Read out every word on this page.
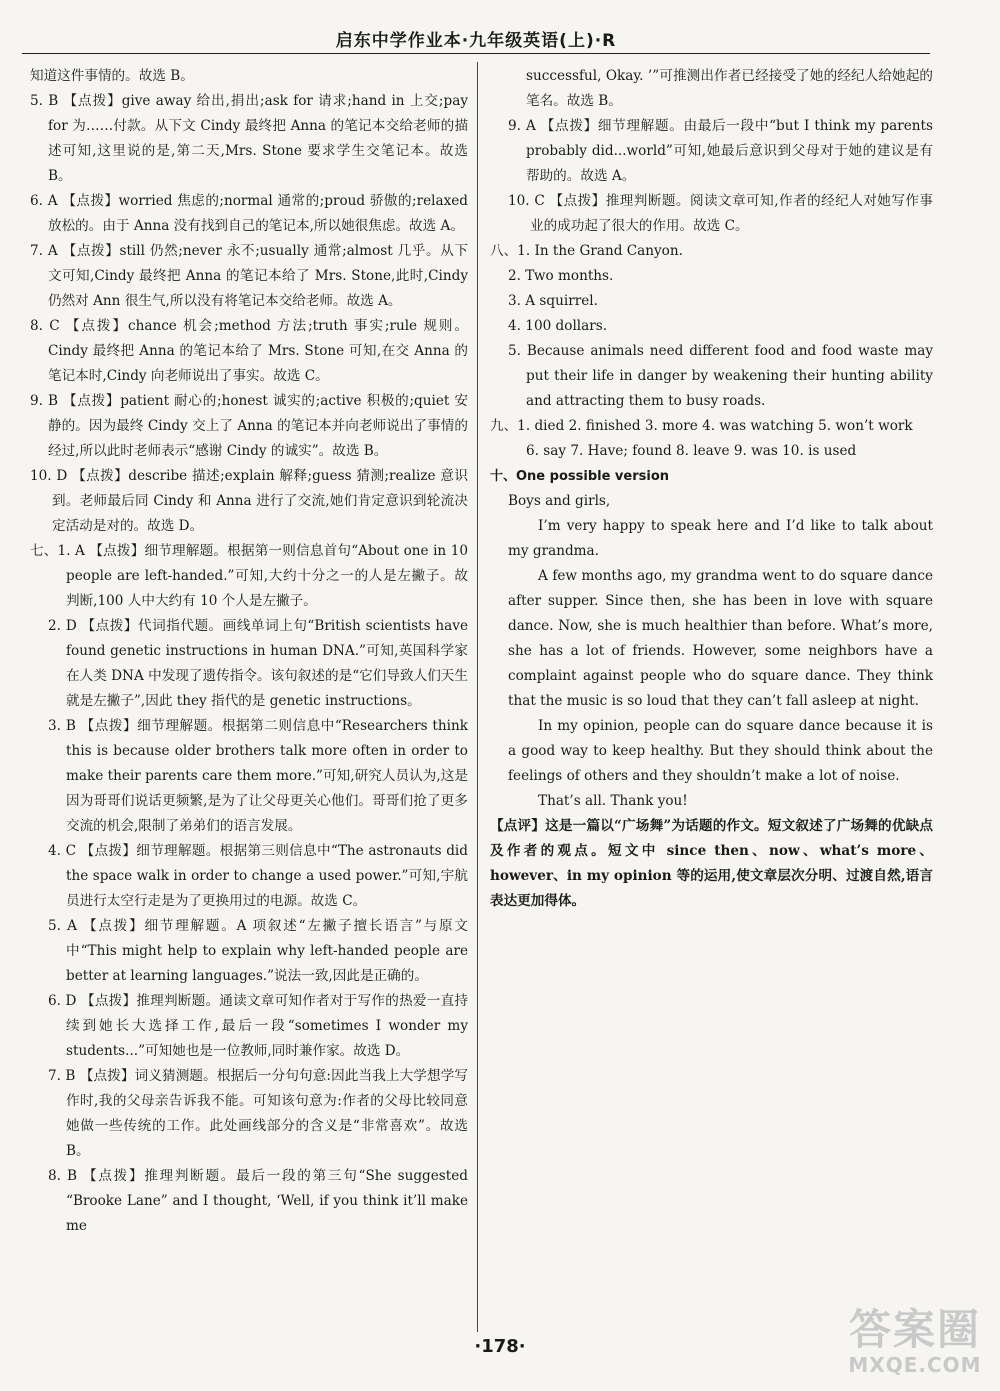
启东中学作业本·九年级英语(上)·R
知道这件事情的。故选 B。
5. B 【点拨】give away 给出,捐出;ask for 请求;hand in 上交;pay for 为……付款。从下文 Cindy 最终把 Anna 的笔记本交给老师的描述可知,这里说的是,第二天,Mrs. Stone 要求学生交笔记本。故选 B。
6. A 【点拨】worried 焦虑的;normal 通常的;proud 骄傲的;relaxed 放松的。由于 Anna 没有找到自己的笔记本,所以她很焦虑。故选 A。
7. A 【点拨】still 仍然;never 永不;usually 通常;almost 几乎。从下文可知,Cindy 最终把 Anna 的笔记本给了 Mrs. Stone,此时,Cindy 仍然对 Ann 很生气,所以没有将笔记本交给老师。故选 A。
8. C 【点拨】chance 机会;method 方法;truth 事实;rule 规则。Cindy 最终把 Anna 的笔记本给了 Mrs. Stone 可知,在交 Anna 的笔记本时,Cindy 向老师说出了事实。故选 C。
9. B 【点拨】patient 耐心的;honest 诚实的;active 积极的;quiet 安静的。因为最终 Cindy 交上了 Anna 的笔记本并向老师说出了事情的经过,所以此时老师表示“感谢 Cindy 的诚实”。故选 B。
10. D 【点拨】describe 描述;explain 解释;guess 猜测;realize 意识到。老师最后同 Cindy 和 Anna 进行了交流,她们肯定意识到轮流决定活动是对的。故选 D。
七、1. A 【点拨】细节理解题。根据第一则信息首句“About one in 10 people are left-handed.”可知,大约十分之一的人是左撇子。故判断,100 人中大约有 10 个人是左撇子。
2. D 【点拨】代词指代题。画线单词上句“British scientists have found genetic instructions in human DNA.”可知,英国科学家在人类 DNA 中发现了遗传指令。该句叙述的是“它们导致人们天生就是左撇子”,因此 they 指代的是 genetic instructions。
3. B 【点拨】细节理解题。根据第二则信息中“Researchers think this is because older brothers talk more often in order to make their parents care them more.”可知,研究人员认为,这是因为哥哥们说话更频繁,是为了让父母更关心他们。哥哥们抢了更多交流的机会,限制了弟弟们的语言发展。
4. C 【点拨】细节理解题。根据第三则信息中“The astronauts did the space walk in order to change a used power.”可知,宇航员进行太空行走是为了更换用过的电源。故选 C。
5. A 【点拨】细节理解题。A 项叙述“左撇子擅长语言”与原文中“This might help to explain why left-handed people are better at learning languages.”说法一致,因此是正确的。
6. D 【点拨】推理判断题。通读文章可知作者对于写作的热爱一直持续到她长大选择工作,最后一段“sometimes I wonder my students...”可知她也是一位教师,同时兼作家。故选 D。
7. B 【点拨】词义猜测题。根据后一分句句意:因此当我上大学想学写作时,我的父母亲告诉我不能。可知该句意为:作者的父母比较同意她做一些传统的工作。此处画线部分的含义是“非常喜欢”。故选 B。
8. B 【点拨】推理判断题。最后一段的第三句“She suggested “Brooke Lane” and I thought, ‘Well, if you think it’ll make me
successful, Okay. ’”可推测出作者已经接受了她的经纪人给她起的笔名。故选 B。
9. A 【点拨】细节理解题。由最后一段中“but I think my parents probably did...world”可知,她最后意识到父母对于她的建议是有帮助的。故选 A。
10. C 【点拨】推理判断题。阅读文章可知,作者的经纪人对她写作事业的成功起了很大的作用。故选 C。
八、1. In the Grand Canyon.
2. Two months.
3. A squirrel.
4. 100 dollars.
5. Because animals need different food and food waste may put their life in danger by weakening their hunting ability and attracting them to busy roads.
九、1. died 2. finished 3. more 4. was watching 5. won’t work
6. say 7. Have; found 8. leave 9. was 10. is used
十、One possible version
Boys and girls,
I’m very happy to speak here and I’d like to talk about my grandma.
A few months ago, my grandma went to do square dance after supper. Since then, she has been in love with square dance. Now, she is much healthier than before. What’s more, she has a lot of friends. However, some neighbors have a complaint against people who do square dance. They think that the music is so loud that they can’t fall asleep at night.
In my opinion, people can do square dance because it is a good way to keep healthy. But they should think about the feelings of others and they shouldn’t make a lot of noise.
That’s all. Thank you!
【点评】这是一篇以“广场舞”为话题的作文。短文叙述了广场舞的优缺点及作者的观点。短文中 since then、now、what’s more、however、in my opinion 等的运用,使文章层次分明、过渡自然,语言表达更加得体。
·178·	答案圈
MXQE.COM
